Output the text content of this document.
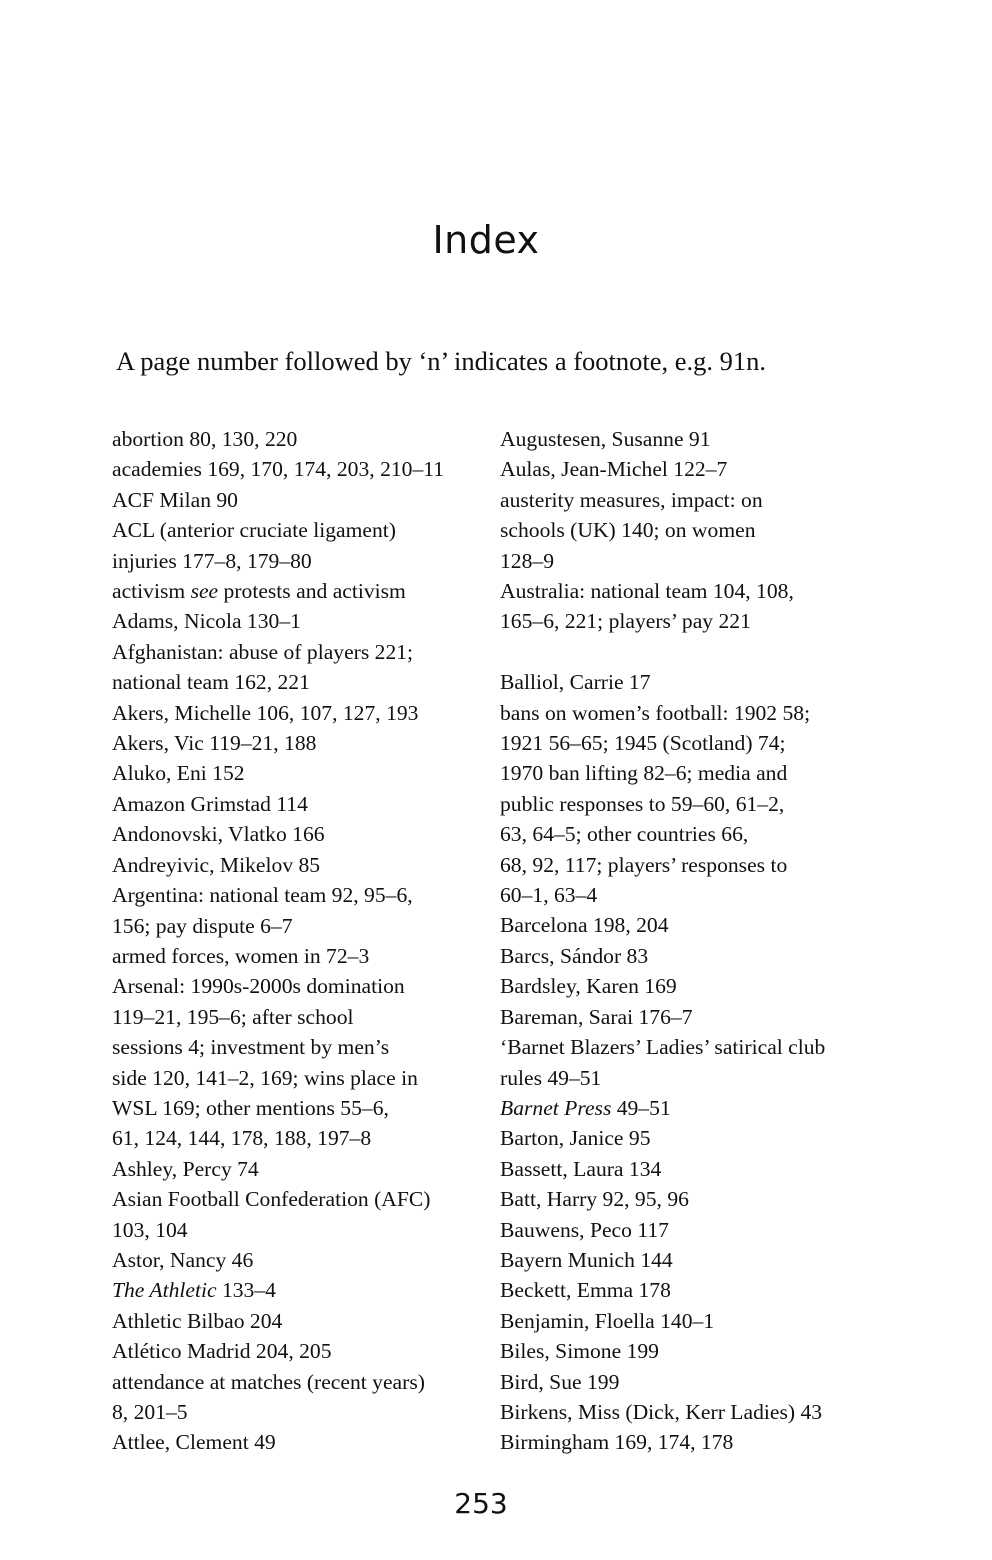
Index
A page number followed by ‘n’ indicates a footnote, e.g. 91n.
abortion 80, 130, 220
academies 169, 170, 174, 203, 210–11
ACF Milan 90
ACL (anterior cruciate ligament)
injuries 177–8, 179–80
activism see protests and activism
Adams, Nicola 130–1
Afghanistan: abuse of players 221;
national team 162, 221
Akers, Michelle 106, 107, 127, 193
Akers, Vic 119–21, 188
Aluko, Eni 152
Amazon Grimstad 114
Andonovski, Vlatko 166
Andreyivic, Mikelov 85
Argentina: national team 92, 95–6,
156; pay dispute 6–7
armed forces, women in 72–3
Arsenal: 1990s-2000s domination
119–21, 195–6; after school
sessions 4; investment by men’s
side 120, 141–2, 169; wins place in
WSL 169; other mentions 55–6,
61, 124, 144, 178, 188, 197–8
Ashley, Percy 74
Asian Football Confederation (AFC)
103, 104
Astor, Nancy 46
The Athletic 133–4
Athletic Bilbao 204
Atlético Madrid 204, 205
attendance at matches (recent years)
8, 201–5
Attlee, Clement 49
Augustesen, Susanne 91
Aulas, Jean-Michel 122–7
austerity measures, impact: on
schools (UK) 140; on women
128–9
Australia: national team 104, 108,
165–6, 221; players’ pay 221
Balliol, Carrie 17
bans on women’s football: 1902 58;
1921 56–65; 1945 (Scotland) 74;
1970 ban lifting 82–6; media and
public responses to 59–60, 61–2,
63, 64–5; other countries 66,
68, 92, 117; players’ responses to
60–1, 63–4
Barcelona 198, 204
Barcs, Sándor 83
Bardsley, Karen 169
Bareman, Sarai 176–7
‘Barnet Blazers’ Ladies’ satirical club
rules 49–51
Barnet Press 49–51
Barton, Janice 95
Bassett, Laura 134
Batt, Harry 92, 95, 96
Bauwens, Peco 117
Bayern Munich 144
Beckett, Emma 178
Benjamin, Floella 140–1
Biles, Simone 199
Bird, Sue 199
Birkens, Miss (Dick, Kerr Ladies) 43
Birmingham 169, 174, 178
253
